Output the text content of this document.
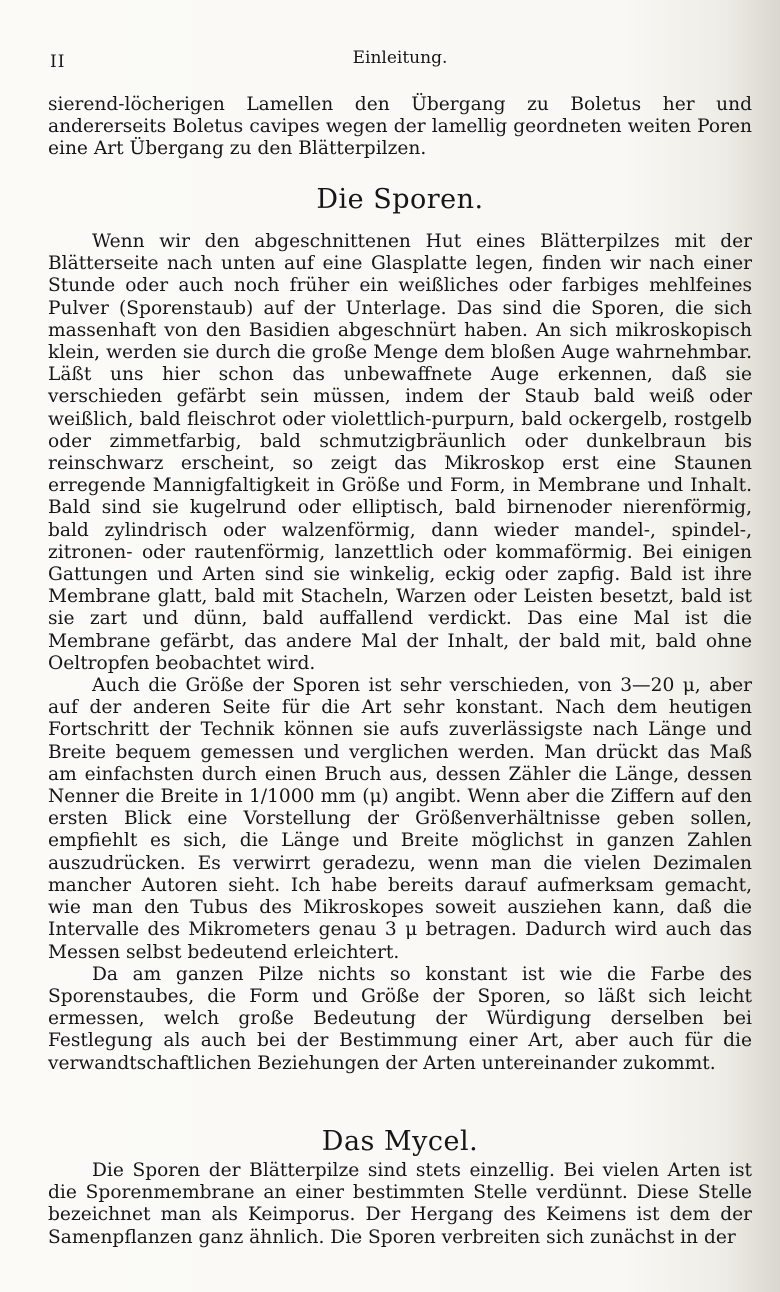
II	Einleitung.

sierend-löcherigen Lamellen den Übergang zu Boletus her und andererseits Boletus cavipes wegen der lamellig geordneten weiten Poren eine Art Übergang zu den Blätterpilzen.

Die Sporen.

Wenn wir den abgeschnittenen Hut eines Blätterpilzes mit der Blätterseite nach unten auf eine Glasplatte legen, finden wir nach einer Stunde oder auch noch früher ein weißliches oder farbiges mehlfeines Pulver (Sporenstaub) auf der Unterlage. Das sind die Sporen, die sich massenhaft von den Basidien abgeschnürt haben. An sich mikroskopisch klein, werden sie durch die große Menge dem bloßen Auge wahrnehmbar. Läßt uns hier schon das unbewaffnete Auge erkennen, daß sie verschieden gefärbt sein müssen, indem der Staub bald weiß oder weißlich, bald fleischrot oder violettlich-purpurn, bald ockergelb, rostgelb oder zimmetfarbig, bald schmutzigbräunlich oder dunkelbraun bis reinschwarz erscheint, so zeigt das Mikroskop erst eine Staunen erregende Mannigfaltigkeit in Größe und Form, in Membrane und Inhalt. Bald sind sie kugelrund oder elliptisch, bald birnenoder nierenförmig, bald zylindrisch oder walzenförmig, dann wieder mandel-, spindel-, zitronen- oder rautenförmig, lanzettlich oder kommaförmig. Bei einigen Gattungen und Arten sind sie winkelig, eckig oder zapfig. Bald ist ihre Membrane glatt, bald mit Stacheln, Warzen oder Leisten besetzt, bald ist sie zart und dünn, bald auffallend verdickt. Das eine Mal ist die Membrane gefärbt, das andere Mal der Inhalt, der bald mit, bald ohne Oeltropfen beobachtet wird.

Auch die Größe der Sporen ist sehr verschieden, von 3—20 μ, aber auf der anderen Seite für die Art sehr konstant. Nach dem heutigen Fortschritt der Technik können sie aufs zuverlässigste nach Länge und Breite bequem gemessen und verglichen werden. Man drückt das Maß am einfachsten durch einen Bruch aus, dessen Zähler die Länge, dessen Nenner die Breite in 1/1000 mm (μ) angibt. Wenn aber die Ziffern auf den ersten Blick eine Vorstellung der Größenverhältnisse geben sollen, empfiehlt es sich, die Länge und Breite möglichst in ganzen Zahlen auszudrücken. Es verwirrt geradezu, wenn man die vielen Dezimalen mancher Autoren sieht. Ich habe bereits darauf aufmerksam gemacht, wie man den Tubus des Mikroskopes soweit ausziehen kann, daß die Intervalle des Mikrometers genau 3 μ betragen. Dadurch wird auch das Messen selbst bedeutend erleichtert.

Da am ganzen Pilze nichts so konstant ist wie die Farbe des Sporenstaubes, die Form und Größe der Sporen, so läßt sich leicht ermessen, welch große Bedeutung der Würdigung derselben bei Festlegung als auch bei der Bestimmung einer Art, aber auch für die verwandtschaftlichen Beziehungen der Arten untereinander zukommt.

Das Mycel.

Die Sporen der Blätterpilze sind stets einzellig. Bei vielen Arten ist die Sporenmembrane an einer bestimmten Stelle verdünnt. Diese Stelle bezeichnet man als Keimporus. Der Hergang des Keimens ist dem der Samenpflanzen ganz ähnlich. Die Sporen verbreiten sich zunächst in der
